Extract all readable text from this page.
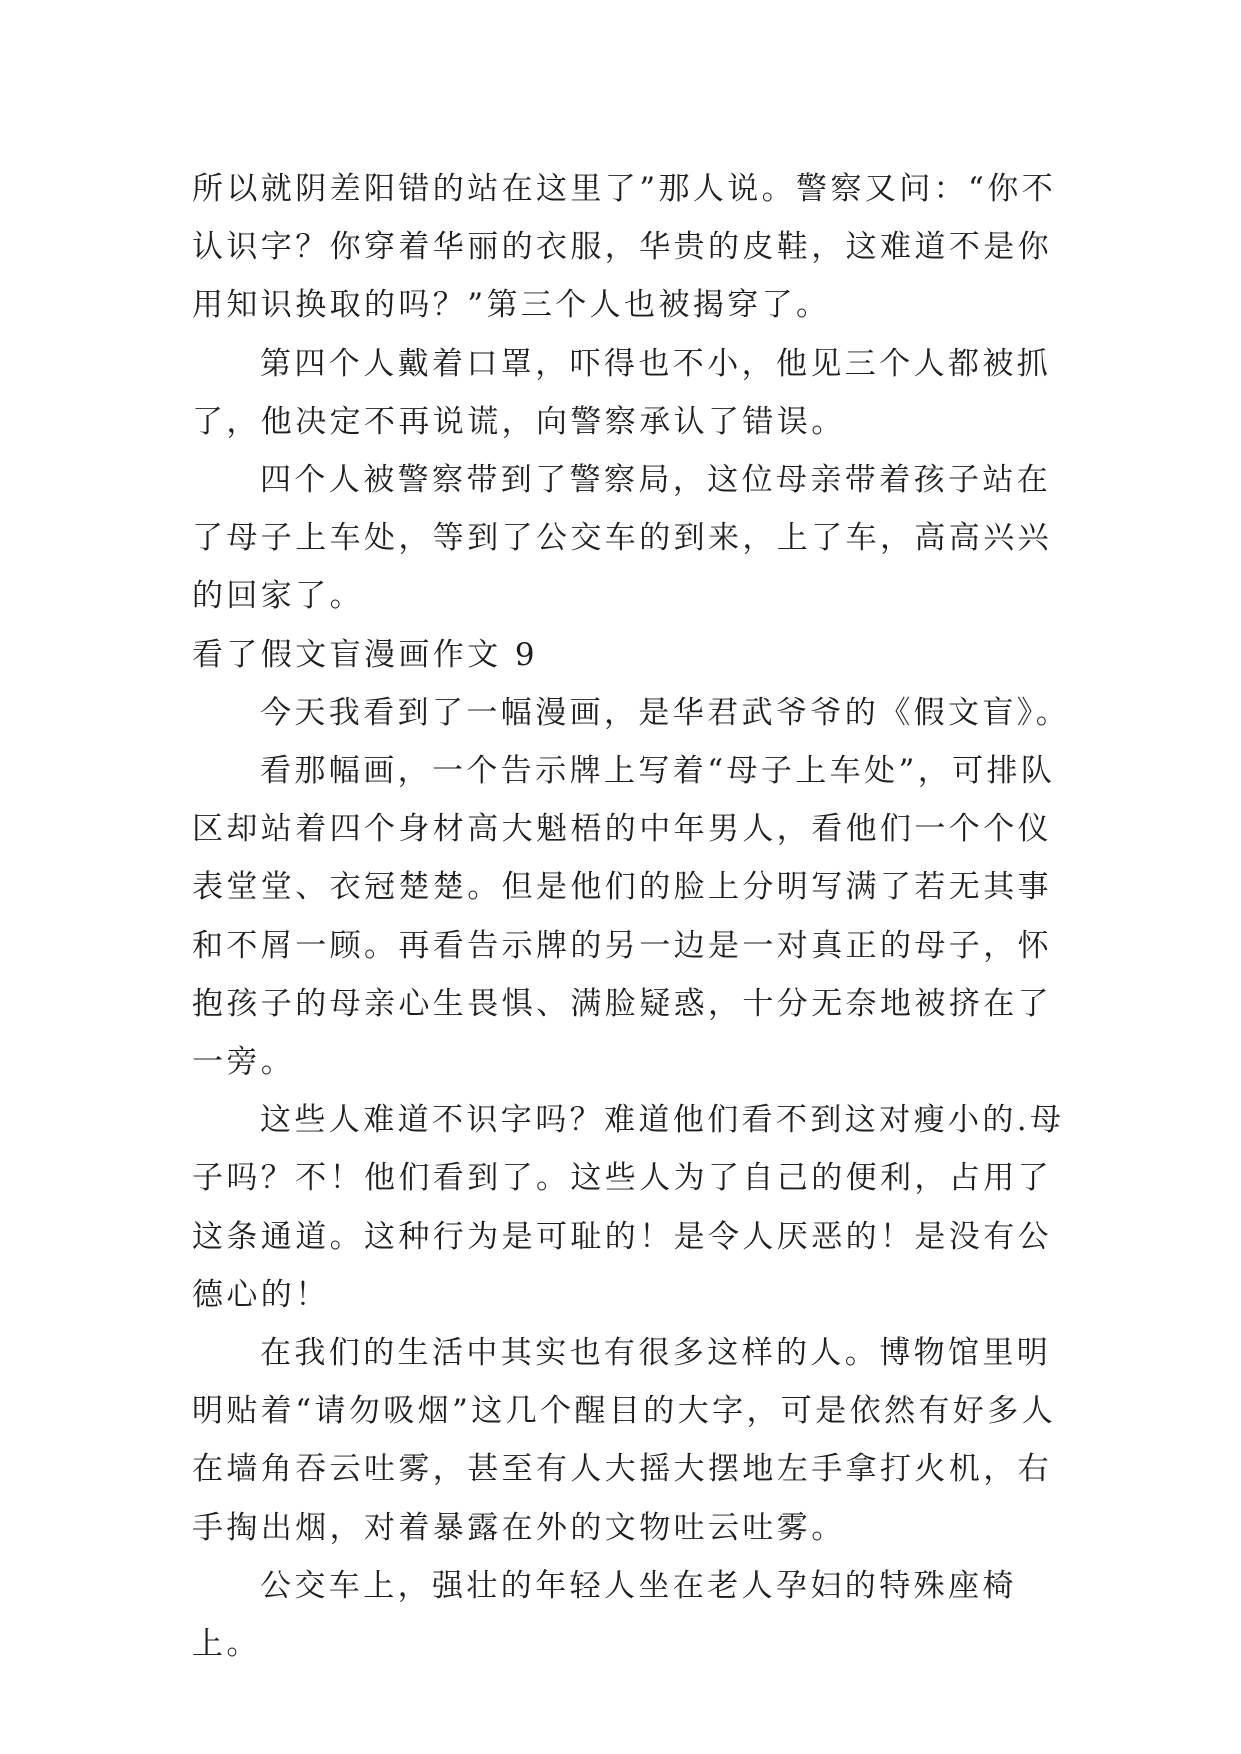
所以就阴差阳错的站在这里了”那人说。警察又问：“你不认识字？你穿着华丽的衣服，华贵的皮鞋，这难道不是你用知识换取的吗？”第三个人也被揭穿了。

第四个人戴着口罩，吓得也不小，他见三个人都被抓了，他决定不再说谎，向警察承认了错误。

四个人被警察带到了警察局，这位母亲带着孩子站在了母子上车处，等到了公交车的到来，上了车，高高兴兴的回家了。

看了假文盲漫画作文 9

今天我看到了一幅漫画，是华君武爷爷的《假文盲》。

看那幅画，一个告示牌上写着“母子上车处”，可排队区却站着四个身材高大魁梧的中年男人，看他们一个个仪表堂堂、衣冠楚楚。但是他们的脸上分明写满了若无其事和不屑一顾。再看告示牌的另一边是一对真正的母子，怀抱孩子的母亲心生畏惧、满脸疑惑，十分无奈地被挤在了一旁。

这些人难道不识字吗？难道他们看不到这对瘦小的.母子吗？不！他们看到了。这些人为了自己的便利，占用了这条通道。这种行为是可耻的！是令人厌恶的！是没有公德心的！

在我们的生活中其实也有很多这样的人。博物馆里明明贴着“请勿吸烟”这几个醒目的大字，可是依然有好多人在墙角吞云吐雾，甚至有人大摇大摆地左手拿打火机，右手掏出烟，对着暴露在外的文物吐云吐雾。

公交车上，强壮的年轻人坐在老人孕妇的特殊座椅上。
